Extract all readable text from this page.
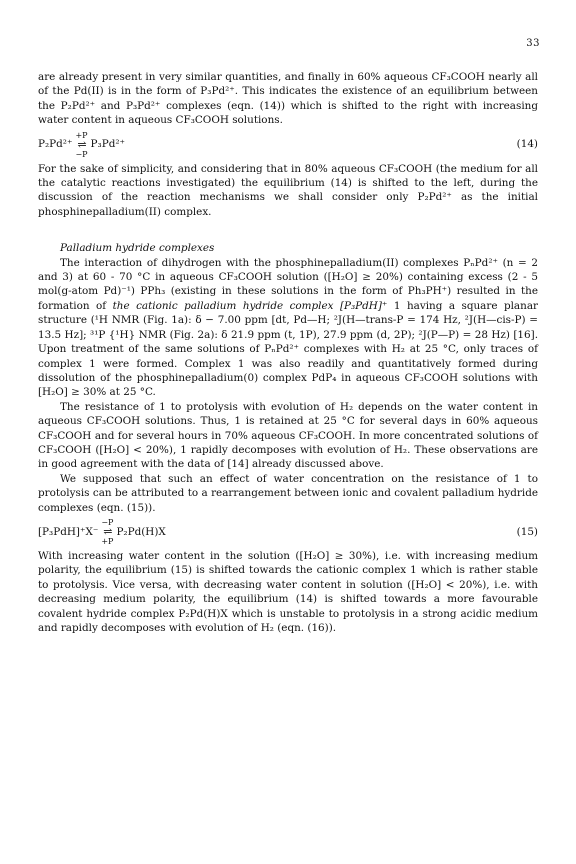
33

are already present in very similar quantities, and finally in 60% aqueous CF₃COOH nearly all of the Pd(II) is in the form of P₃Pd²⁺. This indicates the existence of an equilibrium between the P₂Pd²⁺ and P₃Pd²⁺ complexes (eqn. (14)) which is shifted to the right with increasing water content in aqueous CF₃COOH solutions.

P₂Pd²⁺
+P
⇌
−P
P₃Pd²⁺	(14)

For the sake of simplicity, and considering that in 80% aqueous CF₃COOH (the medium for all the catalytic reactions investigated) the equilibrium (14) is shifted to the left, during the discussion of the reaction mechanisms we shall consider only P₂Pd²⁺ as the initial phosphinepalladium(II) complex.

Palladium hydride complexes

The interaction of dihydrogen with the phosphinepalladium(II) complexes PₙPd²⁺ (n = 2 and 3) at 60 - 70 °C in aqueous CF₃COOH solution ([H₂O] ≥ 20%) containing excess (2 - 5 mol(g-atom Pd)⁻¹) PPh₃ (existing in these solutions in the form of Ph₃PH⁺) resulted in the formation of the cationic palladium hydride complex [P₃PdH]⁺ 1 having a square planar structure (¹H NMR (Fig. 1a): δ − 7.00 ppm [dt, Pd—H; ²J(H—trans-P = 174 Hz, ²J(H—cis-P) = 13.5 Hz]; ³¹P {¹H} NMR (Fig. 2a): δ 21.9 ppm (t, 1P), 27.9 ppm (d, 2P); ²J(P—P) = 28 Hz) [16]. Upon treatment of the same solutions of PₙPd²⁺ complexes with H₂ at 25 °C, only traces of complex 1 were formed. Complex 1 was also readily and quantitatively formed during dissolution of the phosphinepalladium(0) complex PdP₄ in aqueous CF₃COOH solutions with [H₂O] ≥ 30% at 25 °C.

The resistance of 1 to protolysis with evolution of H₂ depends on the water content in aqueous CF₃COOH solutions. Thus, 1 is retained at 25 °C for several days in 60% aqueous CF₃COOH and for several hours in 70% aqueous CF₃COOH. In more concentrated solutions of CF₃COOH ([H₂O] < 20%), 1 rapidly decomposes with evolution of H₂. These observations are in good agreement with the data of [14] already discussed above.

We supposed that such an effect of water concentration on the resistance of 1 to protolysis can be attributed to a rearrangement between ionic and covalent palladium hydride complexes (eqn. (15)).

[P₃PdH]⁺X⁻
−P
⇌
+P
P₂Pd(H)X	(15)

With increasing water content in the solution ([H₂O] ≥ 30%), i.e. with increasing medium polarity, the equilibrium (15) is shifted towards the cationic complex 1 which is rather stable to protolysis. Vice versa, with decreasing water content in solution ([H₂O] < 20%), i.e. with decreasing medium polarity, the equilibrium (14) is shifted towards a more favourable covalent hydride complex P₂Pd(H)X which is unstable to protolysis in a strong acidic medium and rapidly decomposes with evolution of H₂ (eqn. (16)).
